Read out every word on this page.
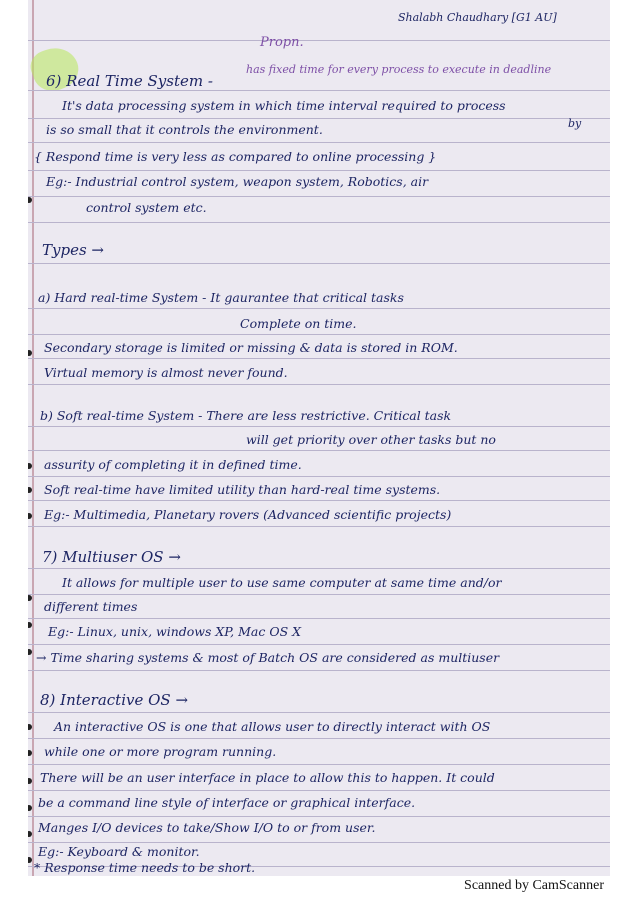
Shalabh Chaudhary [G1 AU]
Propn.
has fixed time for every process to execute in deadline
6) Real Time System -
It's data processing system in which time interval required to process
is so small that it controls the environment.	by
{ Respond time is very less as compared to online processing }
Eg:- Industrial control system, weapon system, Robotics, air
control system etc.
Types →
a) Hard real-time System - It gaurantee that critical tasks
Complete on time.
Secondary storage is limited or missing & data is stored in ROM.
Virtual memory is almost never found.
b) Soft real-time System - There are less restrictive. Critical task
will get priority over other tasks but no
assurity of completing it in defined time.
Soft real-time have limited utility than hard-real time systems.
Eg:- Multimedia, Planetary rovers (Advanced scientific projects)
7) Multiuser OS →
It allows for multiple user to use same computer at same time and/or
different times
Eg:- Linux, unix, windows XP, Mac OS X
→ Time sharing systems & most of Batch OS are considered as multiuser
8) Interactive OS →
An interactive OS is one that allows user to directly interact with OS
while one or more program running.
There will be an user interface in place to allow this to happen. It could
be a command line style of interface or graphical interface.
Manges I/O devices to take/Show I/O to or from user.
Eg:- Keyboard & monitor.
* Response time needs to be short.
Scanned by CamScanner
